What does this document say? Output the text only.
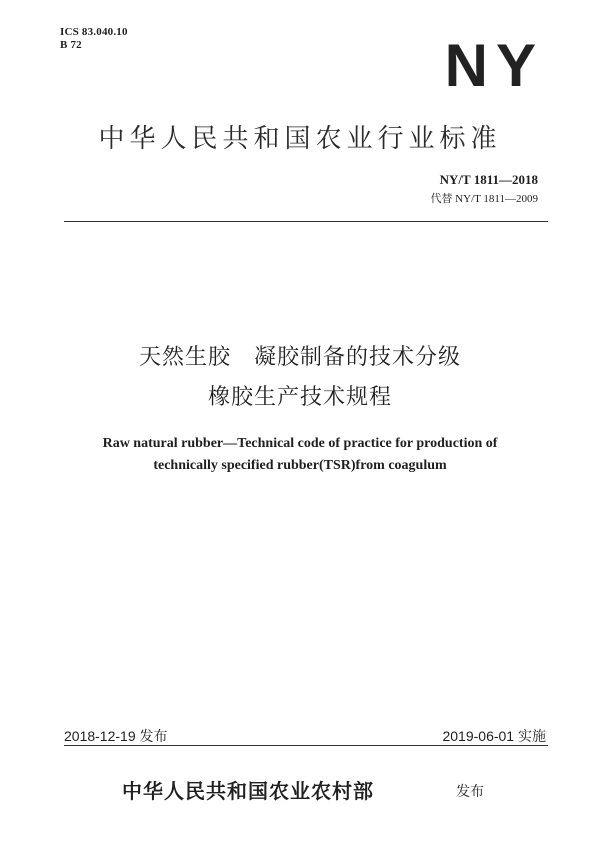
ICS 83.040.10
B 72	NY
中华人民共和国农业行业标准
NY/T 1811—2018
代替 NY/T 1811—2009
天然生胶　凝胶制备的技术分级
橡胶生产技术规程
Raw natural rubber—Technical code of practice for production of
technically specified rubber(TSR)from coagulum
2018-12-19 发布	2019-06-01 实施
中华人民共和国农业农村部	发布
